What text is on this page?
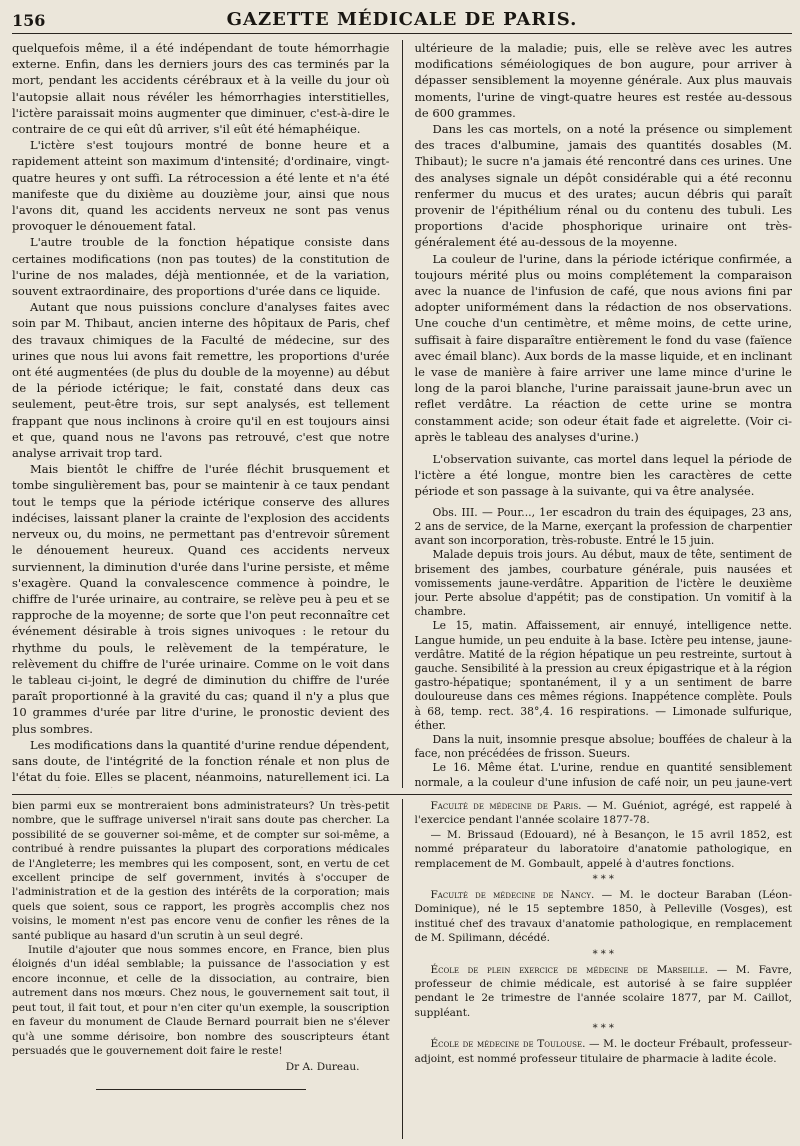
156	GAZETTE MÉDICALE DE PARIS.

quelquefois même, il a été indépendant de toute hémorrhagie externe. Enfin, dans les derniers jours des cas terminés par la mort, pendant les accidents cérébraux et à la veille du jour où l'autopsie allait nous révéler les hémorrhagies interstitielles, l'ictère paraissait moins augmenter que diminuer, c'est-à-dire le contraire de ce qui eût dû arriver, s'il eût été hémaphéique.

L'ictère s'est toujours montré de bonne heure et a rapidement atteint son maximum d'intensité; d'ordinaire, vingt-quatre heures y ont suffi. La rétrocession a été lente et n'a été manifeste que du dixième au douzième jour, ainsi que nous l'avons dit, quand les accidents nerveux ne sont pas venus provoquer le dénouement fatal.

L'autre trouble de la fonction hépatique consiste dans certaines modifications (non pas toutes) de la constitution de l'urine de nos malades, déjà mentionnée, et de la variation, souvent extraordinaire, des proportions d'urée dans ce liquide.

Autant que nous puissions conclure d'analyses faites avec soin par M. Thibaut, ancien interne des hôpitaux de Paris, chef des travaux chimiques de la Faculté de médecine, sur des urines que nous lui avons fait remettre, les proportions d'urée ont été augmentées (de plus du double de la moyenne) au début de la période ictérique; le fait, constaté dans deux cas seulement, peut-être trois, sur sept analysés, est tellement frappant que nous inclinons à croire qu'il en est toujours ainsi et que, quand nous ne l'avons pas retrouvé, c'est que notre analyse arrivait trop tard.

Mais bientôt le chiffre de l'urée fléchit brusquement et tombe singulièrement bas, pour se maintenir à ce taux pendant tout le temps que la période ictérique conserve des allures indécises, laissant planer la crainte de l'explosion des accidents nerveux ou, du moins, ne permettant pas d'entrevoir sûrement le dénouement heureux. Quand ces accidents nerveux surviennent, la diminution d'urée dans l'urine persiste, et même s'exagère. Quand la convalescence commence à poindre, le chiffre de l'urée urinaire, au contraire, se relève peu à peu et se rapproche de la moyenne; de sorte que l'on peut reconnaître cet événement désirable à trois signes univoques : le retour du rhythme du pouls, le relèvement de la température, le relèvement du chiffre de l'urée urinaire. Comme on le voit dans le tableau ci-joint, le degré de diminution du chiffre de l'urée paraît proportionné à la gravité du cas; quand il n'y a plus que 10 grammes d'urée par litre d'urine, le pronostic devient des plus sombres.

Les modifications dans la quantité d'urine rendue dépendent, sans doute, de l'intégrité de la fonction rénale et non plus de l'état du foie. Elles se placent, néanmoins, naturellement ici. La

ultérieure de la maladie; puis, elle se relève avec les autres modifications séméiologiques de bon augure, pour arriver à dépasser sensiblement la moyenne générale. Aux plus mauvais moments, l'urine de vingt-quatre heures est restée au-dessous de 600 grammes.

Dans les cas mortels, on a noté la présence ou simplement des traces d'albumine, jamais des quantités dosables (M. Thibaut); le sucre n'a jamais été rencontré dans ces urines. Une des analyses signale un dépôt considérable qui a été reconnu renfermer du mucus et des urates; aucun débris qui paraît provenir de l'épithélium rénal ou du contenu des tubuli. Les proportions d'acide phosphorique urinaire ont très-généralement été au-dessous de la moyenne.

La couleur de l'urine, dans la période ictérique confirmée, a toujours mérité plus ou moins complétement la comparaison avec la nuance de l'infusion de café, que nous avions fini par adopter uniformément dans la rédaction de nos observations. Une couche d'un centimètre, et même moins, de cette urine, suffisait à faire disparaître entièrement le fond du vase (faïence avec émail blanc). Aux bords de la masse liquide, et en inclinant le vase de manière à faire arriver une lame mince d'urine le long de la paroi blanche, l'urine paraissait jaune-brun avec un reflet verdâtre. La réaction de cette urine se montra constamment acide; son odeur était fade et aigrelette. (Voir ci-après le tableau des analyses d'urine.)

L'observation suivante, cas mortel dans lequel la période de l'ictère a été longue, montre bien les caractères de cette période et son passage à la suivante, qui va être analysée.

Obs. III. — Pour..., 1er escadron du train des équipages, 23 ans, 2 ans de service, de la Marne, exerçant la profession de charpentier avant son incorporation, très-robuste. Entré le 15 juin.

Malade depuis trois jours. Au début, maux de tête, sentiment de brisement des jambes, courbature générale, puis nausées et vomissements jaune-verdâtre. Apparition de l'ictère le deuxième jour. Perte absolue d'appétit; pas de constipation. Un vomitif à la chambre.

Le 15, matin. Affaissement, air ennuyé, intelligence nette. Langue humide, un peu enduite à la base. Ictère peu intense, jaune-verdâtre. Matité de la région hépatique un peu restreinte, surtout à gauche. Sensibilité à la pression au creux épigastrique et à la région gastro-hépatique; spontanément, il y a un sentiment de barre douloureuse dans ces mêmes régions. Inappétence complète. Pouls à 68, temp. rect. 38°,4. 16 respirations. — Limonade sulfurique, éther.

Dans la nuit, insomnie presque absolue; bouffées de chaleur à la face, non précédées de frisson. Sueurs.

Le 16. Même état. L'urine, rendue en quantité sensiblement normale, a la couleur d'une infusion de café noir, un peu jaune-vert

bien parmi eux se montreraient bons administrateurs? Un très-petit nombre, que le suffrage universel n'irait sans doute pas chercher. La possibilité de se gouverner soi-même, et de compter sur soi-même, a contribué à rendre puissantes la plupart des corporations médicales de l'Angleterre; les membres qui les composent, sont, en vertu de cet excellent principe de self government, invités à s'occuper de l'administration et de la gestion des intérêts de la corporation; mais quels que soient, sous ce rapport, les progrès accomplis chez nos voisins, le moment n'est pas encore venu de confier les rênes de la santé publique au hasard d'un scrutin à un seul degré.

Inutile d'ajouter que nous sommes encore, en France, bien plus éloignés d'un idéal semblable; la puissance de l'association y est encore inconnue, et celle de la dissociation, au contraire, bien autrement dans nos mœurs. Chez nous, le gouvernement sait tout, il peut tout, il fait tout, et pour n'en citer qu'un exemple, la souscription en faveur du monument de Claude Bernard pourrait bien ne s'élever qu'à une somme dérisoire, bon nombre des souscripteurs étant persuadés que le gouvernement doit faire le reste!

Dr A. Dureau.

Faculté de médecine de Paris. — M. Guéniot, agrégé, est rappelé à l'exercice pendant l'année scolaire 1877-78.

— M. Brissaud (Edouard), né à Besançon, le 15 avril 1852, est nommé préparateur du laboratoire d'anatomie pathologique, en remplacement de M. Gombault, appelé à d'autres fonctions.

* * *

Faculté de médecine de Nancy. — M. le docteur Baraban (Léon-Dominique), né le 15 septembre 1850, à Pelleville (Vosges), est institué chef des travaux d'anatomie pathologique, en remplacement de M. Spilimann, décédé.

* * *

École de plein exercice de médecine de Marseille. — M. Favre, professeur de chimie médicale, est autorisé à se faire suppléer pendant le 2e trimestre de l'année scolaire 1877, par M. Caillot, suppléant.

* * *

École de médecine de Toulouse. — M. le docteur Frébault, professeur-adjoint, est nommé professeur titulaire de pharmacie à ladite école.
